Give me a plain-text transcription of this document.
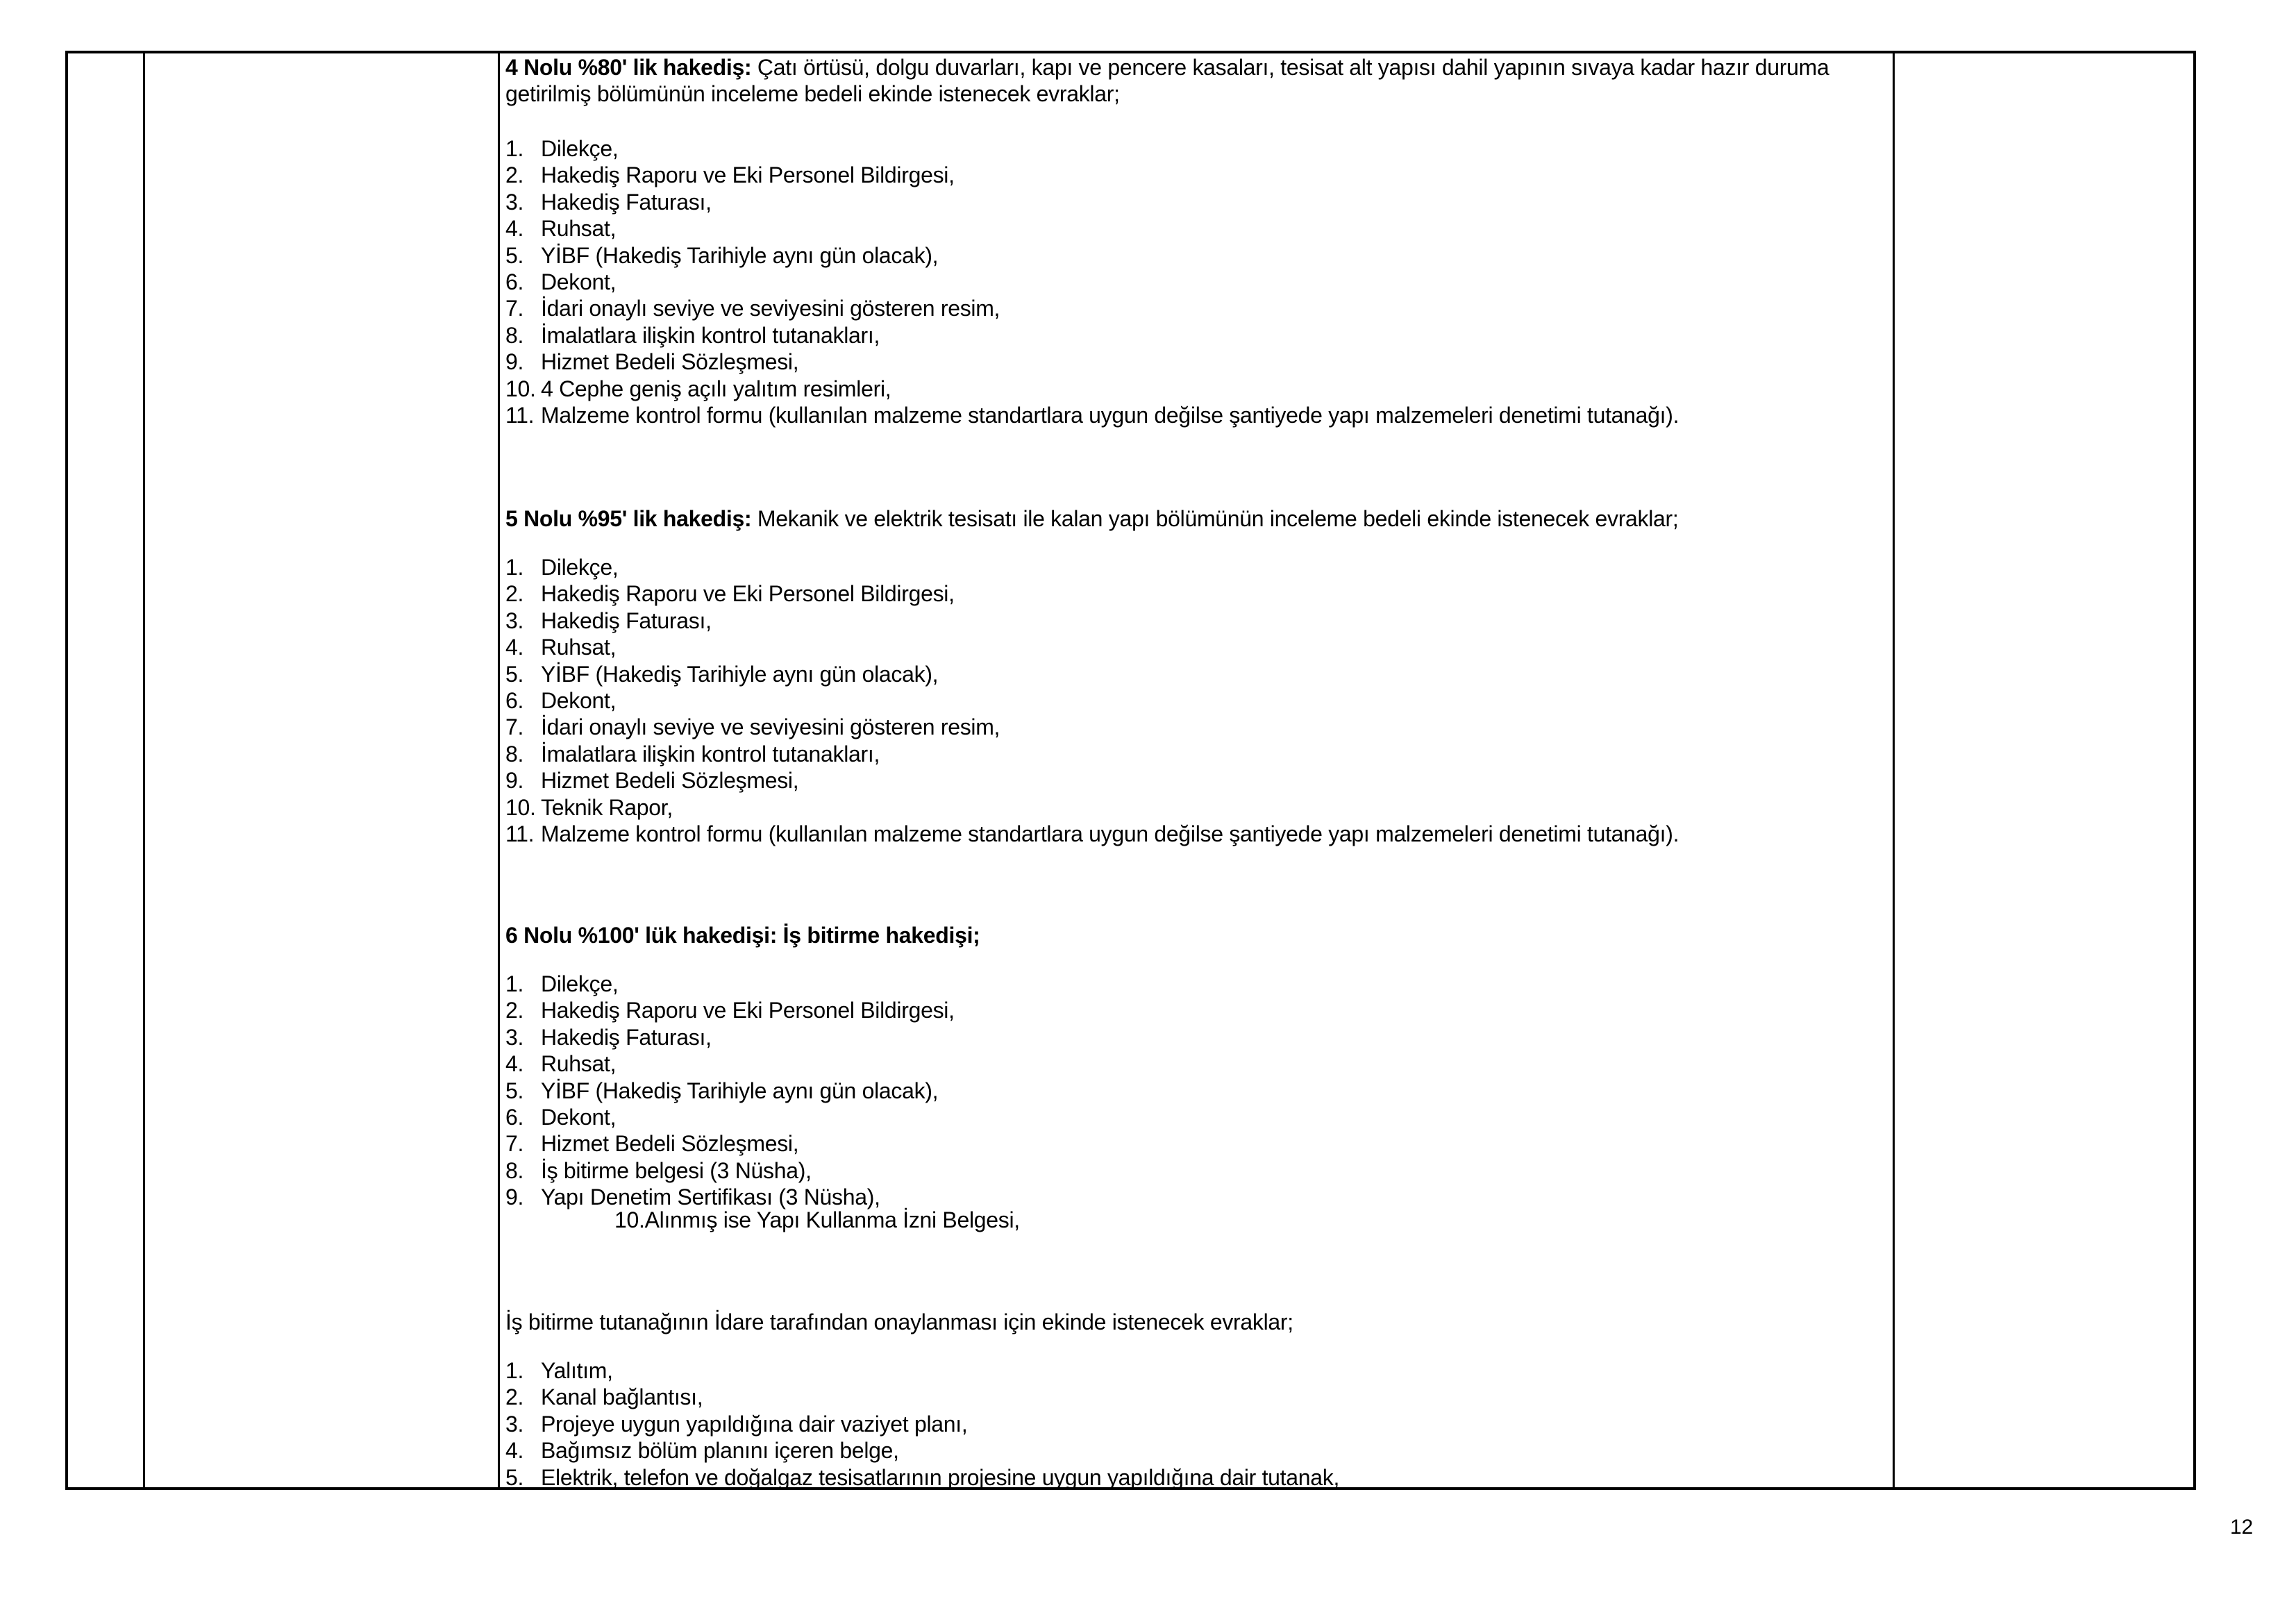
4 Nolu %80' lik hakediş: Çatı örtüsü, dolgu duvarları, kapı ve pencere kasaları, tesisat alt yapısı dahil yapının sıvaya kadar hazır duruma getirilmiş bölümünün inceleme bedeli ekinde istenecek evraklar;
1. Dilekçe,
2. Hakediş Raporu ve Eki Personel Bildirgesi,
3. Hakediş Faturası,
4. Ruhsat,
5. YİBF (Hakediş Tarihiyle aynı gün olacak),
6. Dekont,
7. İdari onaylı seviye ve seviyesini gösteren resim,
8. İmalatlara ilişkin kontrol tutanakları,
9. Hizmet Bedeli Sözleşmesi,
10. 4 Cephe geniş açılı yalıtım resimleri,
11. Malzeme kontrol formu (kullanılan malzeme standartlara uygun değilse şantiyede yapı malzemeleri denetimi tutanağı).
5 Nolu %95' lik hakediş: Mekanik ve elektrik tesisatı ile kalan yapı bölümünün inceleme bedeli ekinde istenecek evraklar;
1. Dilekçe,
2. Hakediş Raporu ve Eki Personel Bildirgesi,
3. Hakediş Faturası,
4. Ruhsat,
5. YİBF (Hakediş Tarihiyle aynı gün olacak),
6. Dekont,
7. İdari onaylı seviye ve seviyesini gösteren resim,
8. İmalatlara ilişkin kontrol tutanakları,
9. Hizmet Bedeli Sözleşmesi,
10. Teknik Rapor,
11. Malzeme kontrol formu (kullanılan malzeme standartlara uygun değilse şantiyede yapı malzemeleri denetimi tutanağı).
6 Nolu %100' lük hakedişi: İş bitirme hakedişi;
1. Dilekçe,
2. Hakediş Raporu ve Eki Personel Bildirgesi,
3. Hakediş Faturası,
4. Ruhsat,
5. YİBF (Hakediş Tarihiyle aynı gün olacak),
6. Dekont,
7. Hizmet Bedeli Sözleşmesi,
8. İş bitirme belgesi (3 Nüsha),
9. Yapı Denetim Sertifikası (3 Nüsha),
10.Alınmış ise Yapı Kullanma İzni Belgesi,
İş bitirme tutanağının İdare tarafından onaylanması için ekinde istenecek evraklar;
1. Yalıtım,
2. Kanal bağlantısı,
3. Projeye uygun yapıldığına dair vaziyet planı,
4. Bağımsız bölüm planını içeren belge,
5. Elektrik, telefon ve doğalgaz tesisatlarının projesine uygun yapıldığına dair tutanak,
12
